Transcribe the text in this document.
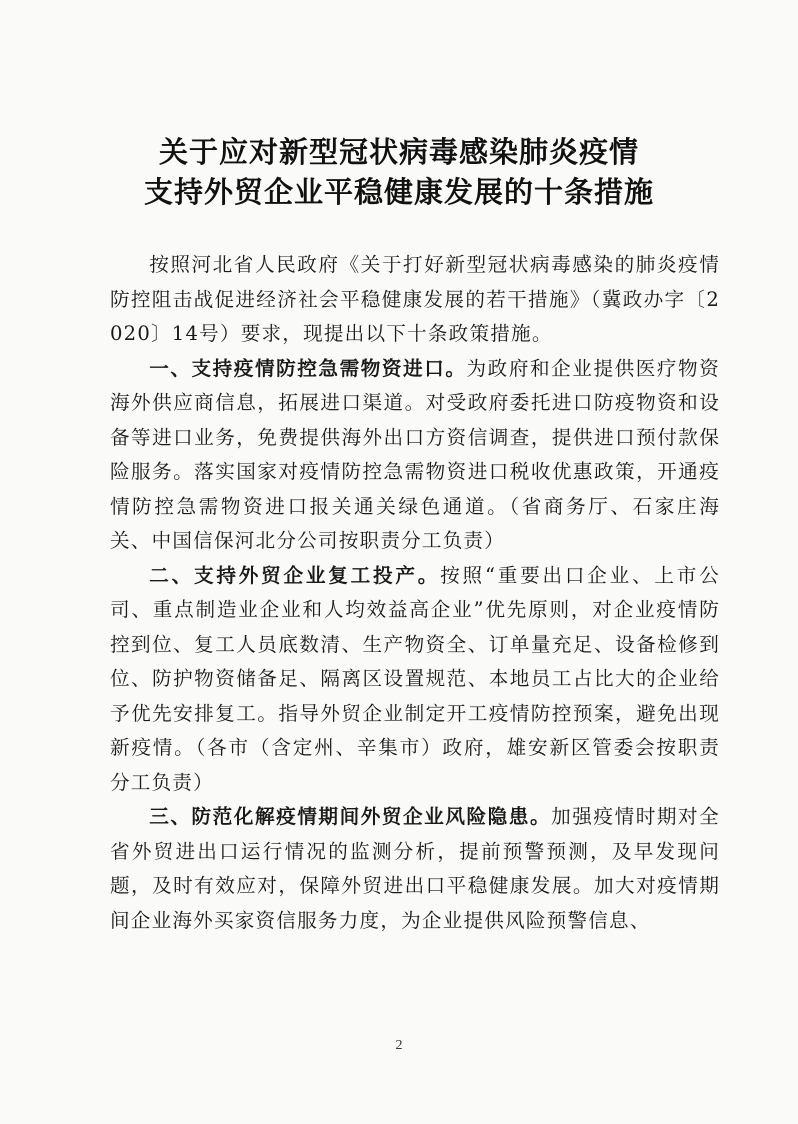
关于应对新型冠状病毒感染肺炎疫情
支持外贸企业平稳健康发展的十条措施

按照河北省人民政府《关于打好新型冠状病毒感染的肺炎疫情防控阻击战促进经济社会平稳健康发展的若干措施》（冀政办字〔2020〕14号）要求，现提出以下十条政策措施。

一、支持疫情防控急需物资进口。为政府和企业提供医疗物资海外供应商信息，拓展进口渠道。对受政府委托进口防疫物资和设备等进口业务，免费提供海外出口方资信调查，提供进口预付款保险服务。落实国家对疫情防控急需物资进口税收优惠政策，开通疫情防控急需物资进口报关通关绿色通道。（省商务厅、石家庄海关、中国信保河北分公司按职责分工负责）

二、支持外贸企业复工投产。按照“重要出口企业、上市公司、重点制造业企业和人均效益高企业”优先原则，对企业疫情防控到位、复工人员底数清、生产物资全、订单量充足、设备检修到位、防护物资储备足、隔离区设置规范、本地员工占比大的企业给予优先安排复工。指导外贸企业制定开工疫情防控预案，避免出现新疫情。（各市（含定州、辛集市）政府，雄安新区管委会按职责分工负责）

三、防范化解疫情期间外贸企业风险隐患。加强疫情时期对全省外贸进出口运行情况的监测分析，提前预警预测，及早发现问题，及时有效应对，保障外贸进出口平稳健康发展。加大对疫情期间企业海外买家资信服务力度，为企业提供风险预警信息、

2
